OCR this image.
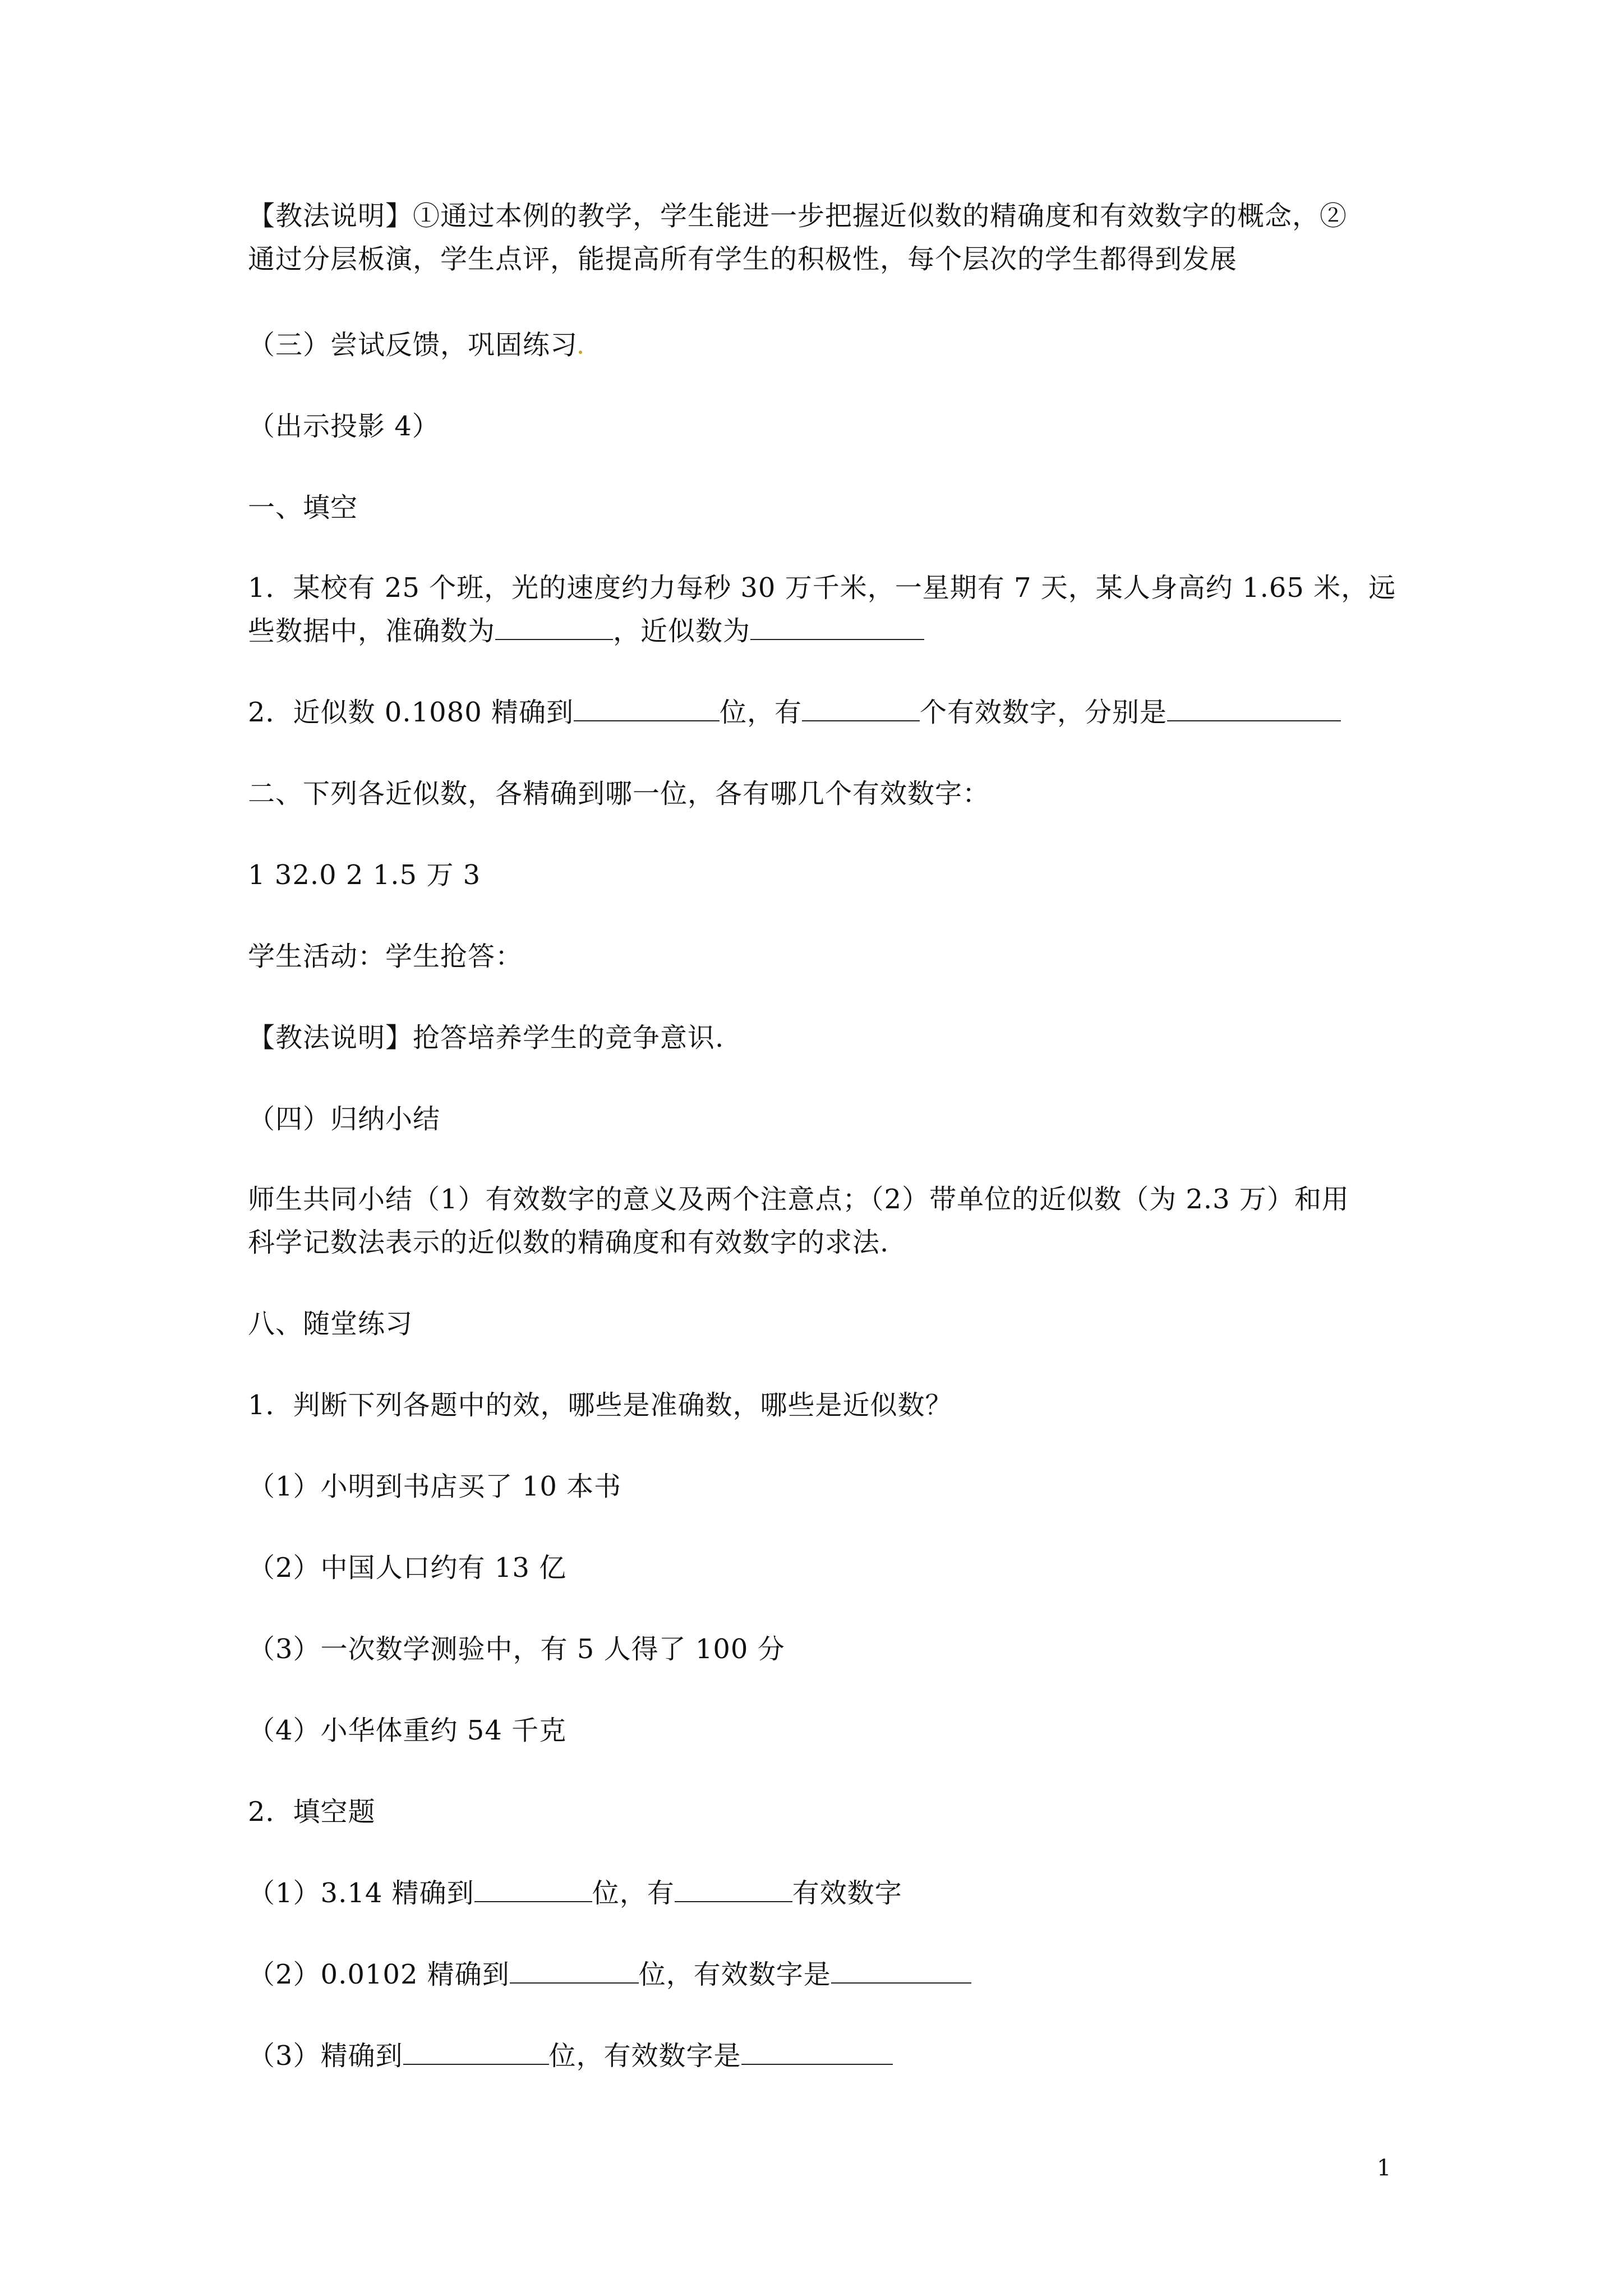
【教法说明】①通过本例的教学，学生能进一步把握近似数的精确度和有效数字的概念，②
通过分层板演，学生点评，能提高所有学生的积极性，每个层次的学生都得到发展
（三）尝试反馈，巩固练习
（出示投影 4）
一、填空
1．某校有 25 个班，光的速度约力每秒 30 万千米，一星期有 7 天，某人身高约 1.65 米，远
些数据中，准确数为	，近似数为
2．近似数 0.1080 精确到	位，有	个有效数字，分别是
二、下列各近似数，各精确到哪一位，各有哪几个有效数字：
1 32.0 2 1.5 万 3
学生活动：学生抢答：
【教法说明】抢答培养学生的竞争意识.
（四）归纳小结
师生共同小结（1）有效数字的意义及两个注意点；（2）带单位的近似数（为 2.3 万）和用
科学记数法表示的近似数的精确度和有效数字的求法.
八、随堂练习
1．判断下列各题中的效，哪些是准确数，哪些是近似数？
（1）小明到书店买了 10 本书
（2）中国人口约有 13 亿
（3）一次数学测验中，有 5 人得了 100 分
（4）小华体重约 54 千克
2．填空题
（1）3.14 精确到	位，有	有效数字
（2）0.0102 精确到	位，有效数字是
（3）精确到	位，有效数字是
1
